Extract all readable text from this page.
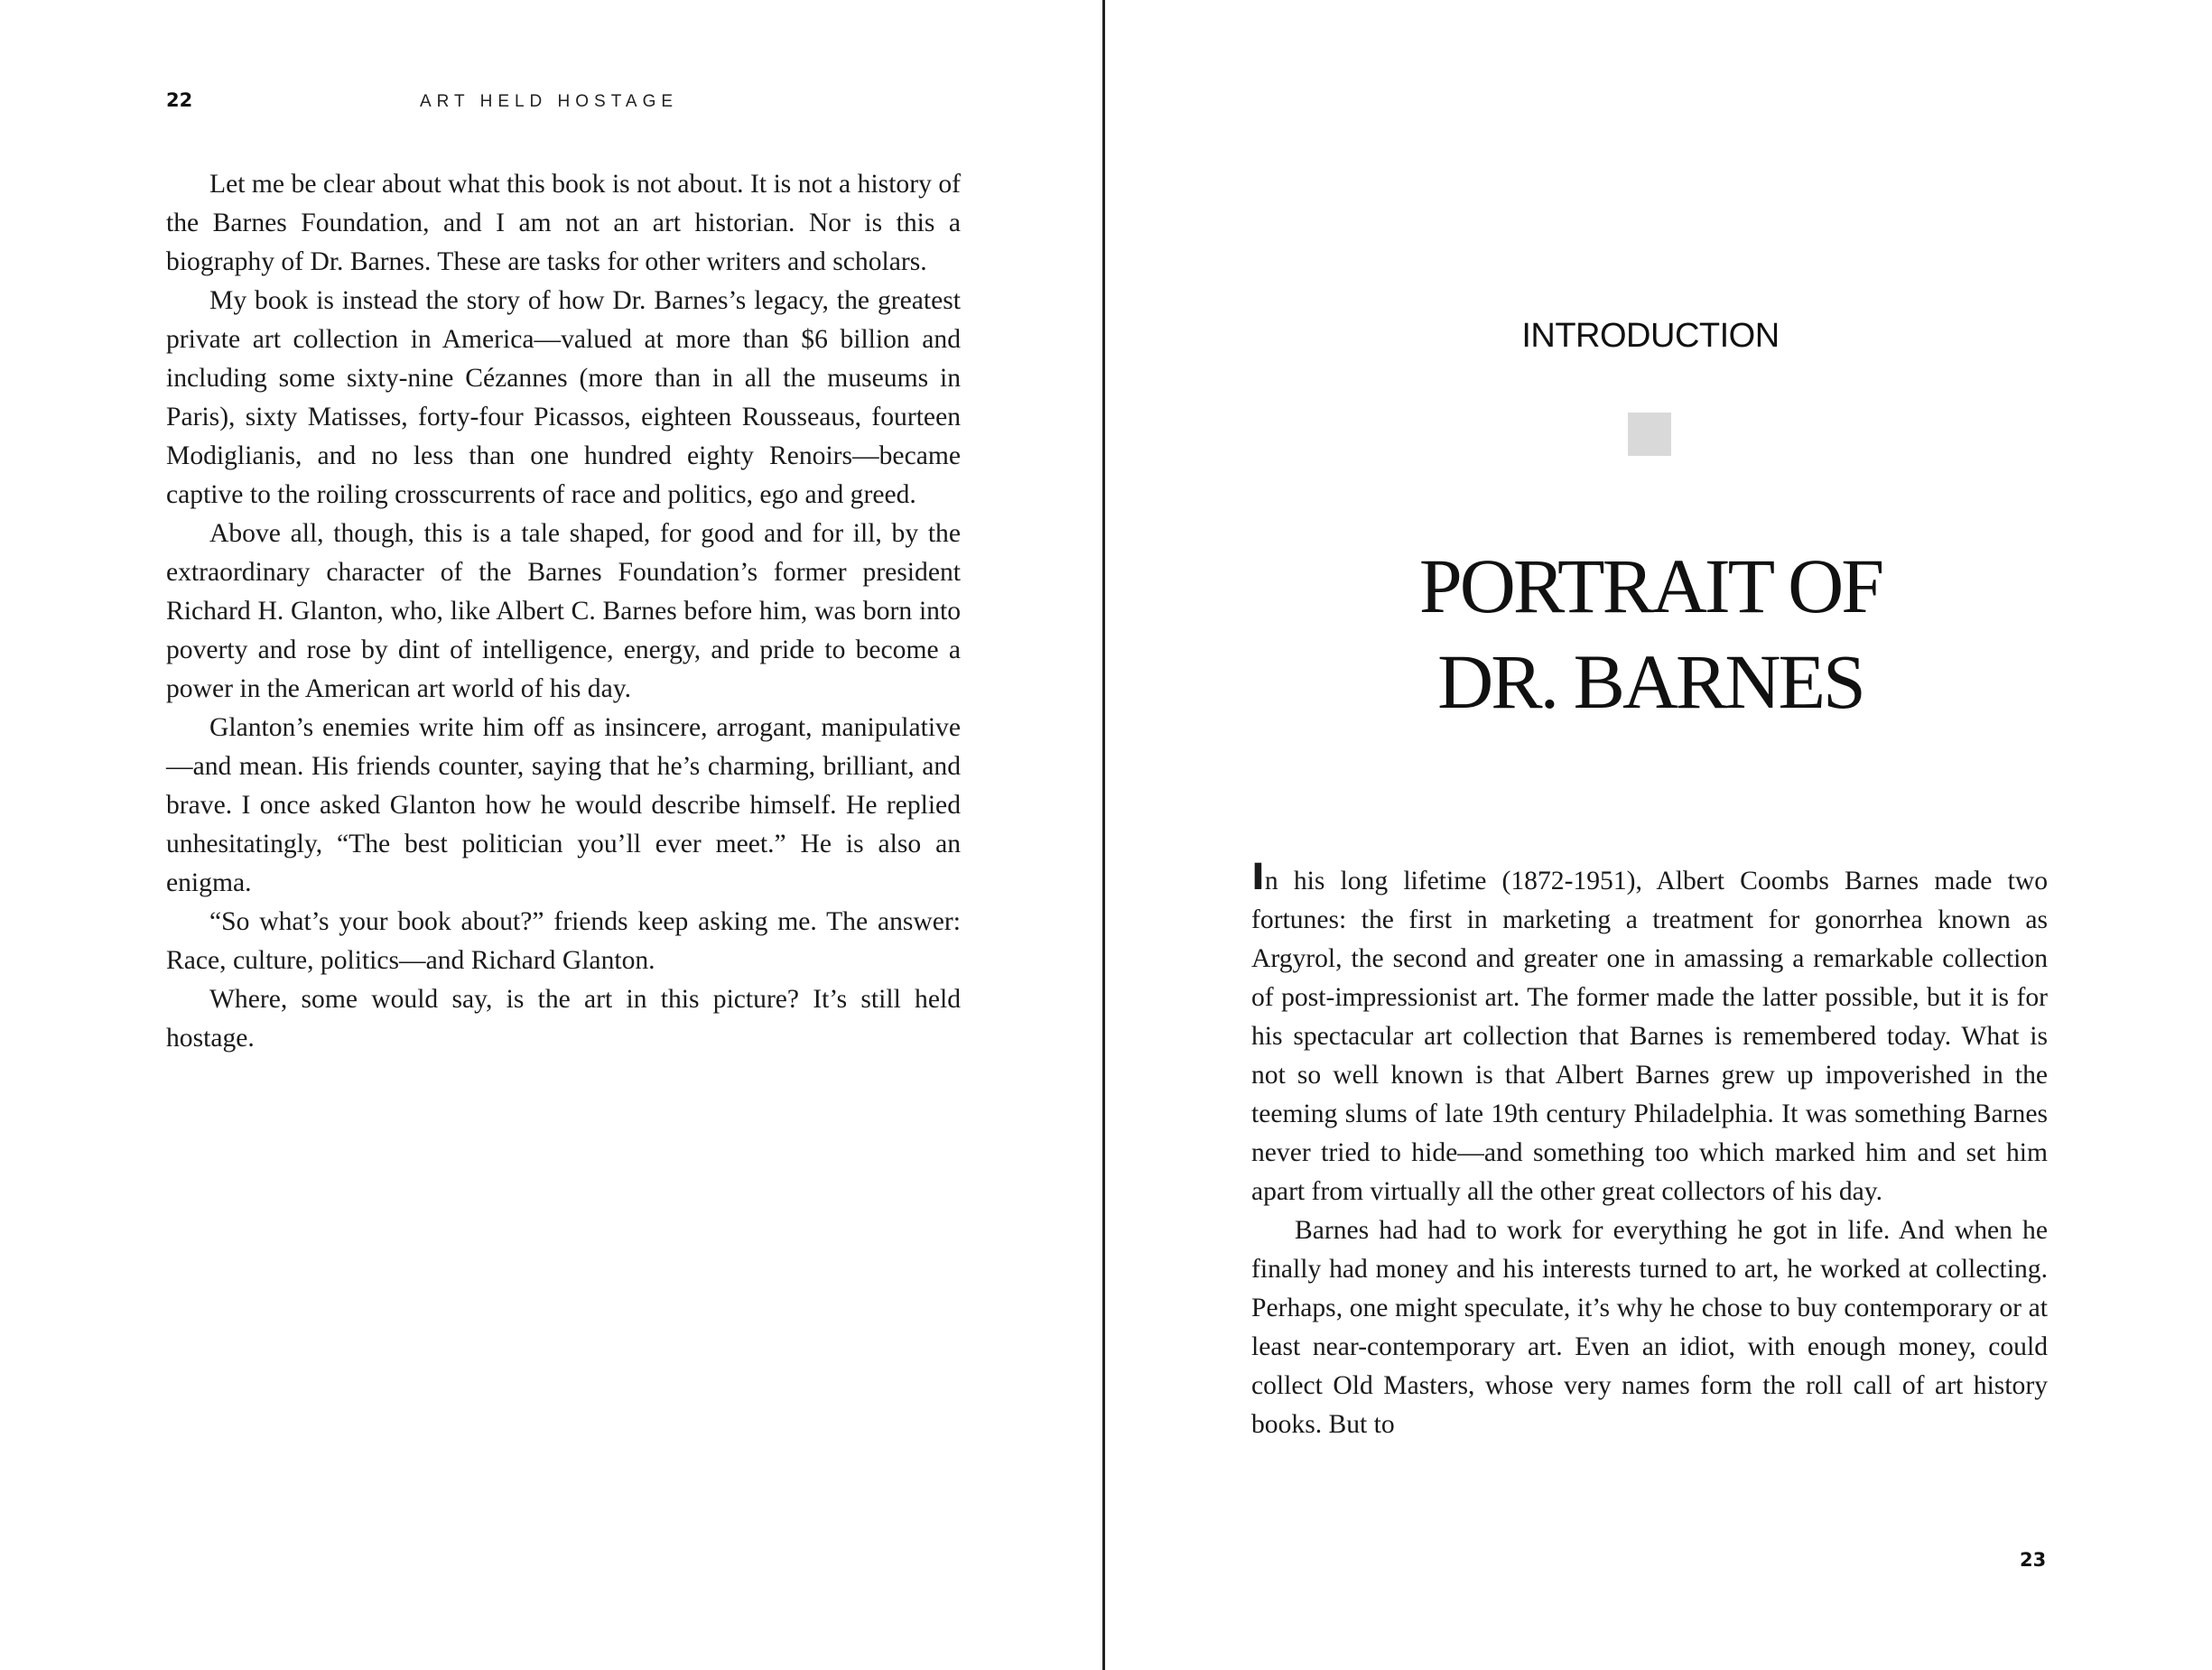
22	ART HELD HOSTAGE

Let me be clear about what this book is not about. It is not a history of the Barnes Foundation, and I am not an art historian. Nor is this a biography of Dr. Barnes. These are tasks for other writers and scholars.

My book is instead the story of how Dr. Barnes’s legacy, the greatest private art collection in America—valued at more than $6 billion and including some sixty-nine Cézannes (more than in all the museums in Paris), sixty Matisses, forty-four Picassos, eighteen Rousseaus, fourteen Modiglianis, and no less than one hundred eighty Renoirs—became captive to the roiling crosscurrents of race and politics, ego and greed.

Above all, though, this is a tale shaped, for good and for ill, by the extraordinary character of the Barnes Foundation’s former president Richard H. Glanton, who, like Albert C. Barnes before him, was born into poverty and rose by dint of intelligence, energy, and pride to become a power in the American art world of his day.

Glanton’s enemies write him off as insincere, arrogant, manipulative—and mean. His friends counter, saying that he’s charming, brilliant, and brave. I once asked Glanton how he would describe himself. He replied unhesitatingly, “The best politician you’ll ever meet.” He is also an enigma.

“So what’s your book about?” friends keep asking me. The answer: Race, culture, politics—and Richard Glanton.

Where, some would say, is the art in this picture? It’s still held hostage.

INTRODUCTION
PORTRAIT OF
DR. BARNES

In his long lifetime (1872-1951), Albert Coombs Barnes made two fortunes: the first in marketing a treatment for gonorrhea known as Argyrol, the second and greater one in amassing a remarkable collection of post-impressionist art. The former made the latter possible, but it is for his spectacular art collection that Barnes is remembered today. What is not so well known is that Albert Barnes grew up impoverished in the teeming slums of late 19th century Philadelphia. It was something Barnes never tried to hide—and something too which marked him and set him apart from virtually all the other great collectors of his day.

Barnes had had to work for everything he got in life. And when he finally had money and his interests turned to art, he worked at collecting. Perhaps, one might speculate, it’s why he chose to buy contemporary or at least near-contemporary art. Even an idiot, with enough money, could collect Old Masters, whose very names form the roll call of art history books. But to

23
